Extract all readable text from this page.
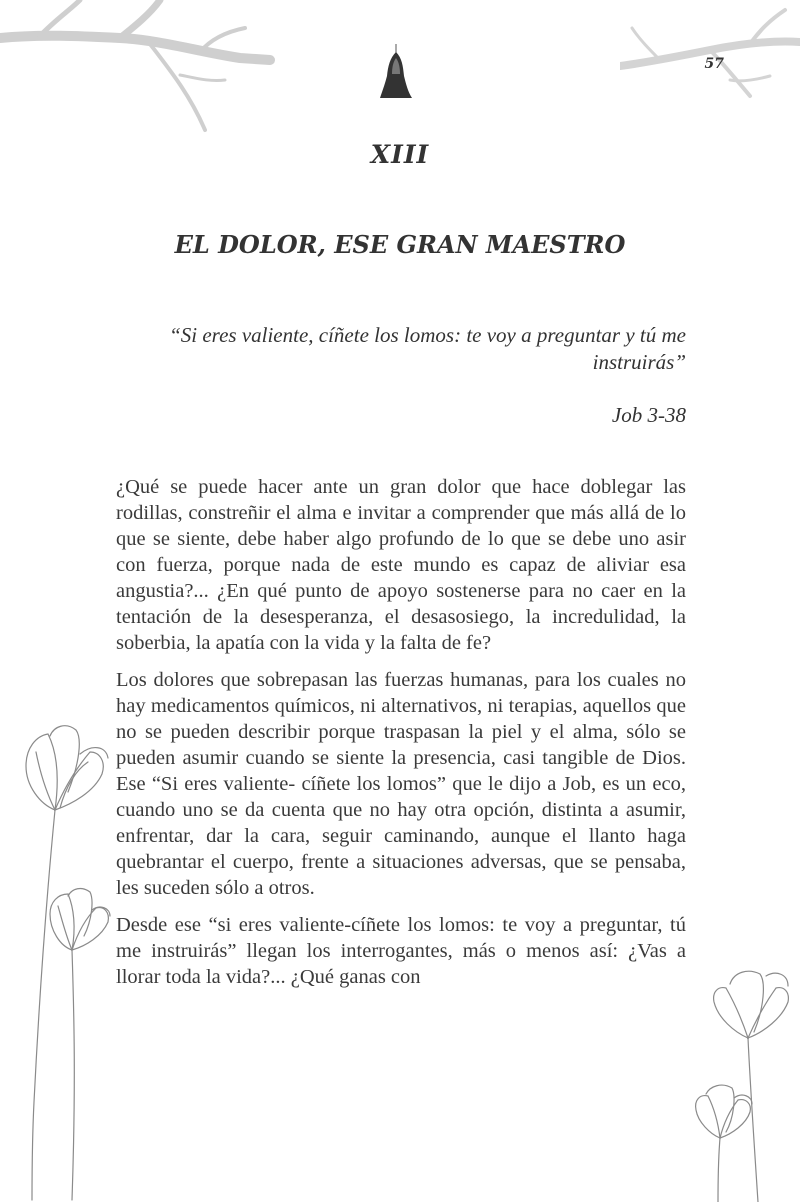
57
XIII
EL DOLOR, ESE GRAN MAESTRO
“Si eres valiente, cíñete los lomos: te voy a preguntar y tú me instruirás”
Job 3-38

¿Qué se puede hacer ante un gran dolor que hace doblegar las rodillas, constreñir el alma e invitar a comprender que más allá de lo que se siente, debe haber algo profundo de lo que se debe uno asir con fuerza, porque nada de este mundo es capaz de aliviar esa angustia?... ¿En qué punto de apoyo sostenerse para no caer en la tentación de la desesperanza, el desasosiego, la incredulidad, la soberbia, la apatía con la vida y la falta de fe?

Los dolores que sobrepasan las fuerzas humanas, para los cuales no hay medicamentos químicos, ni alternativos, ni terapias, aquellos que no se pueden describir porque traspasan la piel y el alma, sólo se pueden asumir cuando se siente la presencia, casi tangible de Dios. Ese “Si eres valiente- cíñete los lomos” que le dijo a Job, es un eco, cuando uno se da cuenta que no hay otra opción, distinta a asumir, enfrentar, dar la cara, seguir caminando, aunque el llanto haga quebrantar el cuerpo, frente a situaciones adversas, que se pensaba, les suceden sólo a otros.

Desde ese “si eres valiente-cíñete los lomos: te voy a preguntar, tú me instruirás” llegan los interrogantes, más o menos así: ¿Vas a llorar toda la vida?... ¿Qué ganas con
